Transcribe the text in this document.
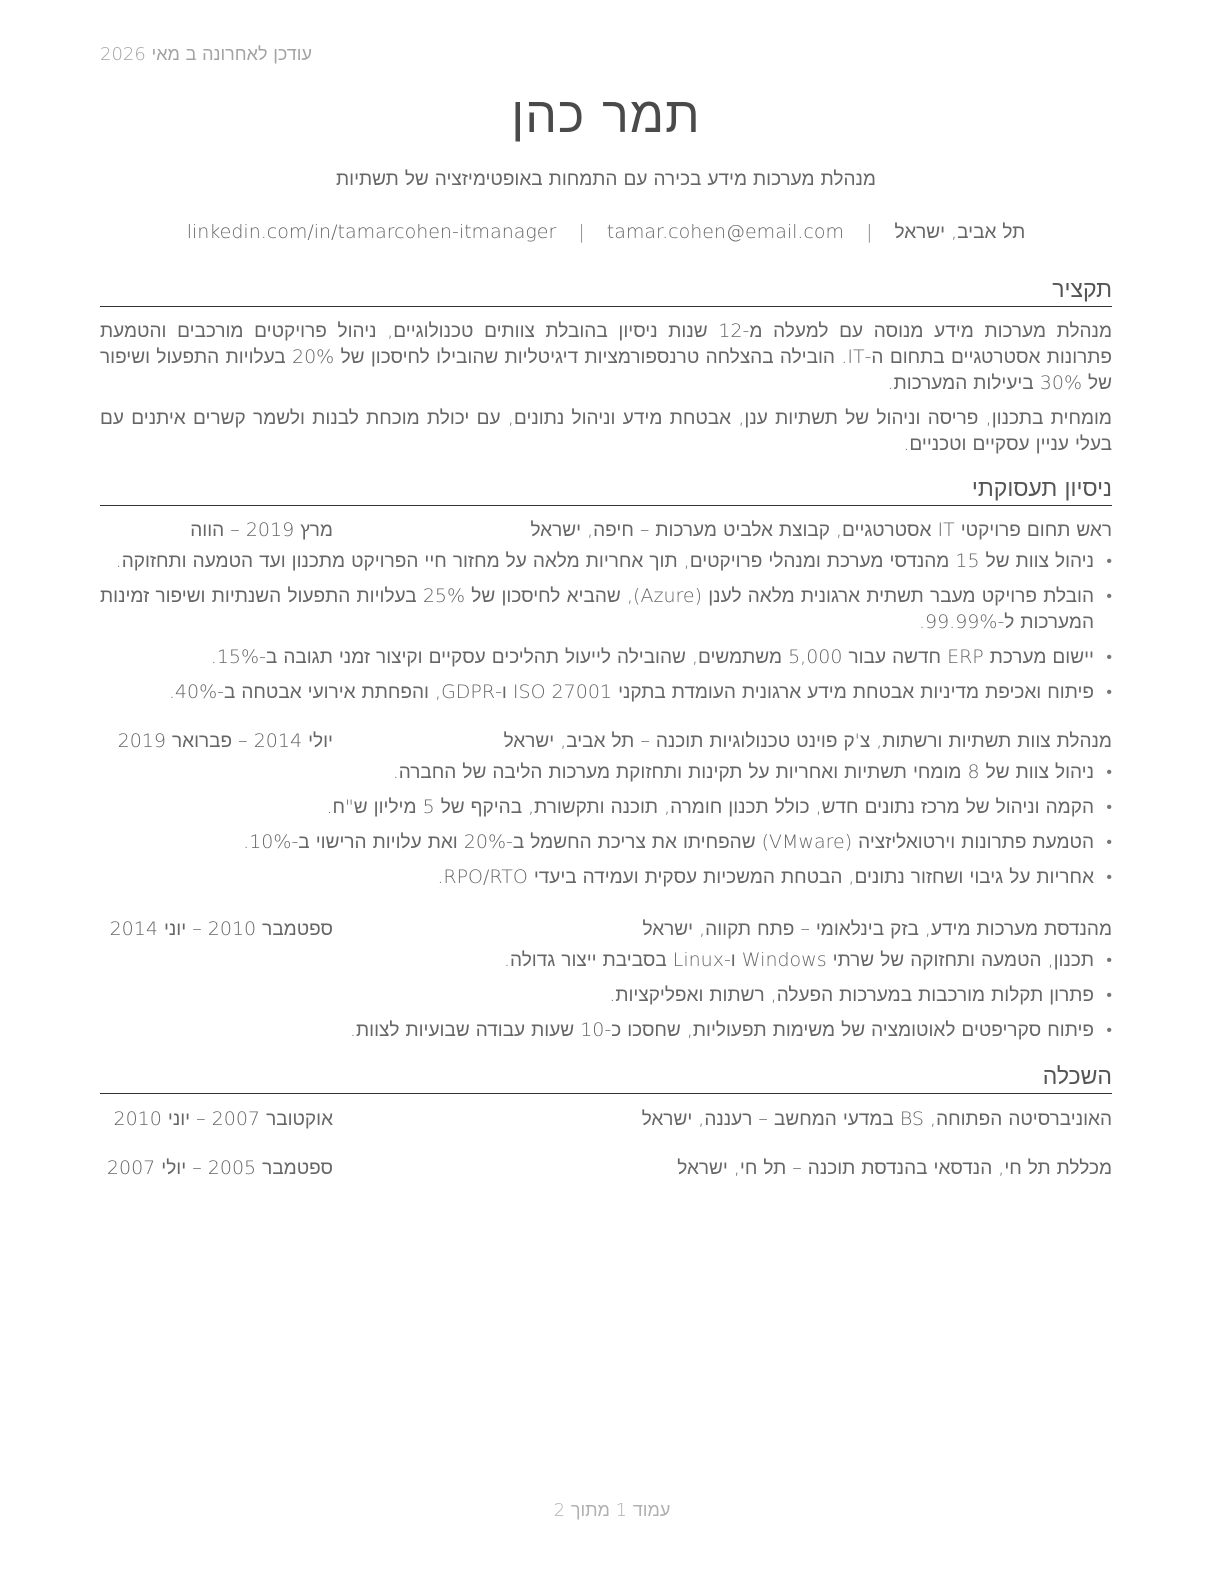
עודכן לאחרונה ב מאי 2026
תמר כהן
מנהלת מערכות מידע בכירה עם התמחות באופטימיזציה של תשתיות
תל אביב, ישראל | tamar.cohen@email.com | linkedin.com/in/tamarcohen-itmanager
תקציר
מנהלת מערכות מידע מנוסה עם למעלה מ-12 שנות ניסיון בהובלת צוותים טכנולוגיים, ניהול פרויקטים מורכבים והטמעת פתרונות אסטרטגיים בתחום ה-IT. הובילה בהצלחה טרנספורמציות דיגיטליות שהובילו לחיסכון של 20% בעלויות התפעול ושיפור של 30% ביעילות המערכות.
מומחית בתכנון, פריסה וניהול של תשתיות ענן, אבטחת מידע וניהול נתונים, עם יכולת מוכחת לבנות ולשמר קשרים איתנים עם בעלי עניין עסקיים וטכניים.
ניסיון תעסוקתי
ראש תחום פרויקטי IT אסטרטגיים, קבוצת אלביט מערכות – חיפה, ישראל
מרץ 2019 – הווה
• ניהול צוות של 15 מהנדסי מערכת ומנהלי פרויקטים, תוך אחריות מלאה על מחזור חיי הפרויקט מתכנון ועד הטמעה ותחזוקה.
• הובלת פרויקט מעבר תשתית ארגונית מלאה לענן (Azure), שהביא לחיסכון של 25% בעלויות התפעול השנתיות ושיפור זמינות המערכות ל-99.99%.
• יישום מערכת ERP חדשה עבור 5,000 משתמשים, שהובילה לייעול תהליכים עסקיים וקיצור זמני תגובה ב-15%.
• פיתוח ואכיפת מדיניות אבטחת מידע ארגונית העומדת בתקני ISO 27001 ו-GDPR, והפחתת אירועי אבטחה ב-40%.
מנהלת צוות תשתיות ורשתות, צ'ק פוינט טכנולוגיות תוכנה – תל אביב, ישראל
יולי 2014 – פברואר 2019
• ניהול צוות של 8 מומחי תשתיות ואחריות על תקינות ותחזוקת מערכות הליבה של החברה.
• הקמה וניהול של מרכז נתונים חדש, כולל תכנון חומרה, תוכנה ותקשורת, בהיקף של 5 מיליון ש"ח.
• הטמעת פתרונות וירטואליזציה (VMware) שהפחיתו את צריכת החשמל ב-20% ואת עלויות הרישוי ב-10%.
• אחריות על גיבוי ושחזור נתונים, הבטחת המשכיות עסקית ועמידה ביעדי RPO/RTO.
מהנדסת מערכות מידע, בזק בינלאומי – פתח תקווה, ישראל
ספטמבר 2010 – יוני 2014
• תכנון, הטמעה ותחזוקה של שרתי Windows ו-Linux בסביבת ייצור גדולה.
• פתרון תקלות מורכבות במערכות הפעלה, רשתות ואפליקציות.
• פיתוח סקריפטים לאוטומציה של משימות תפעוליות, שחסכו כ-10 שעות עבודה שבועיות לצוות.
השכלה
האוניברסיטה הפתוחה, BS במדעי המחשב – רעננה, ישראל
אוקטובר 2007 – יוני 2010
מכללת תל חי, הנדסאי בהנדסת תוכנה – תל חי, ישראל
ספטמבר 2005 – יולי 2007
עמוד 1 מתוך 2
